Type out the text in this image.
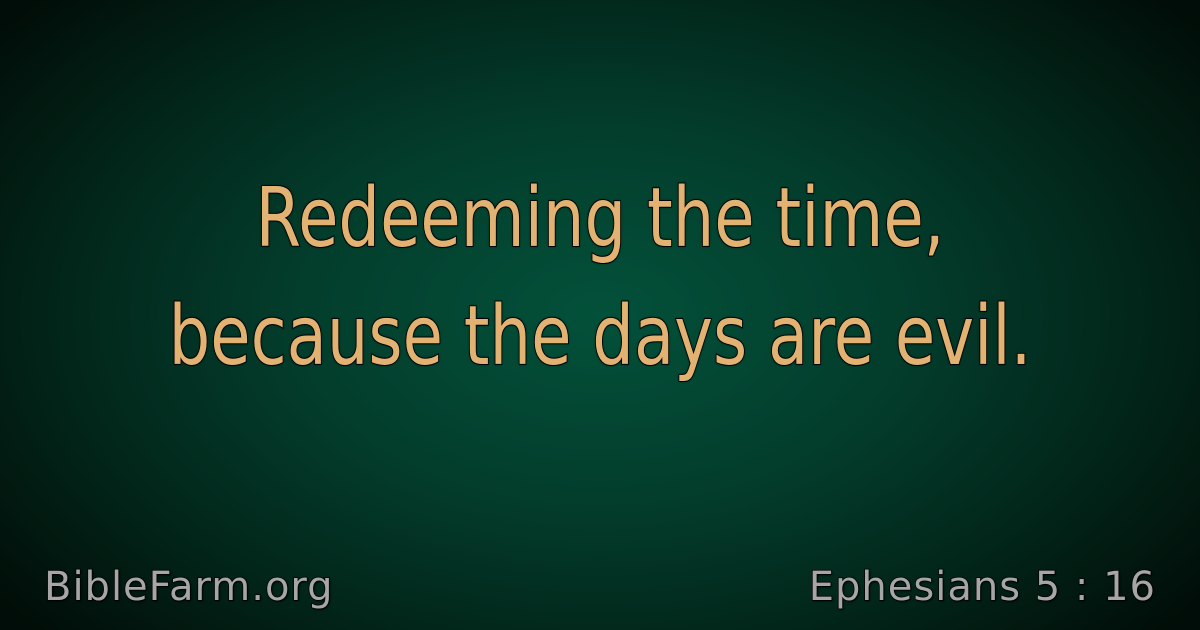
Redeeming the time,
because the days are evil.
BibleFarm.org	Ephesians 5 : 16
